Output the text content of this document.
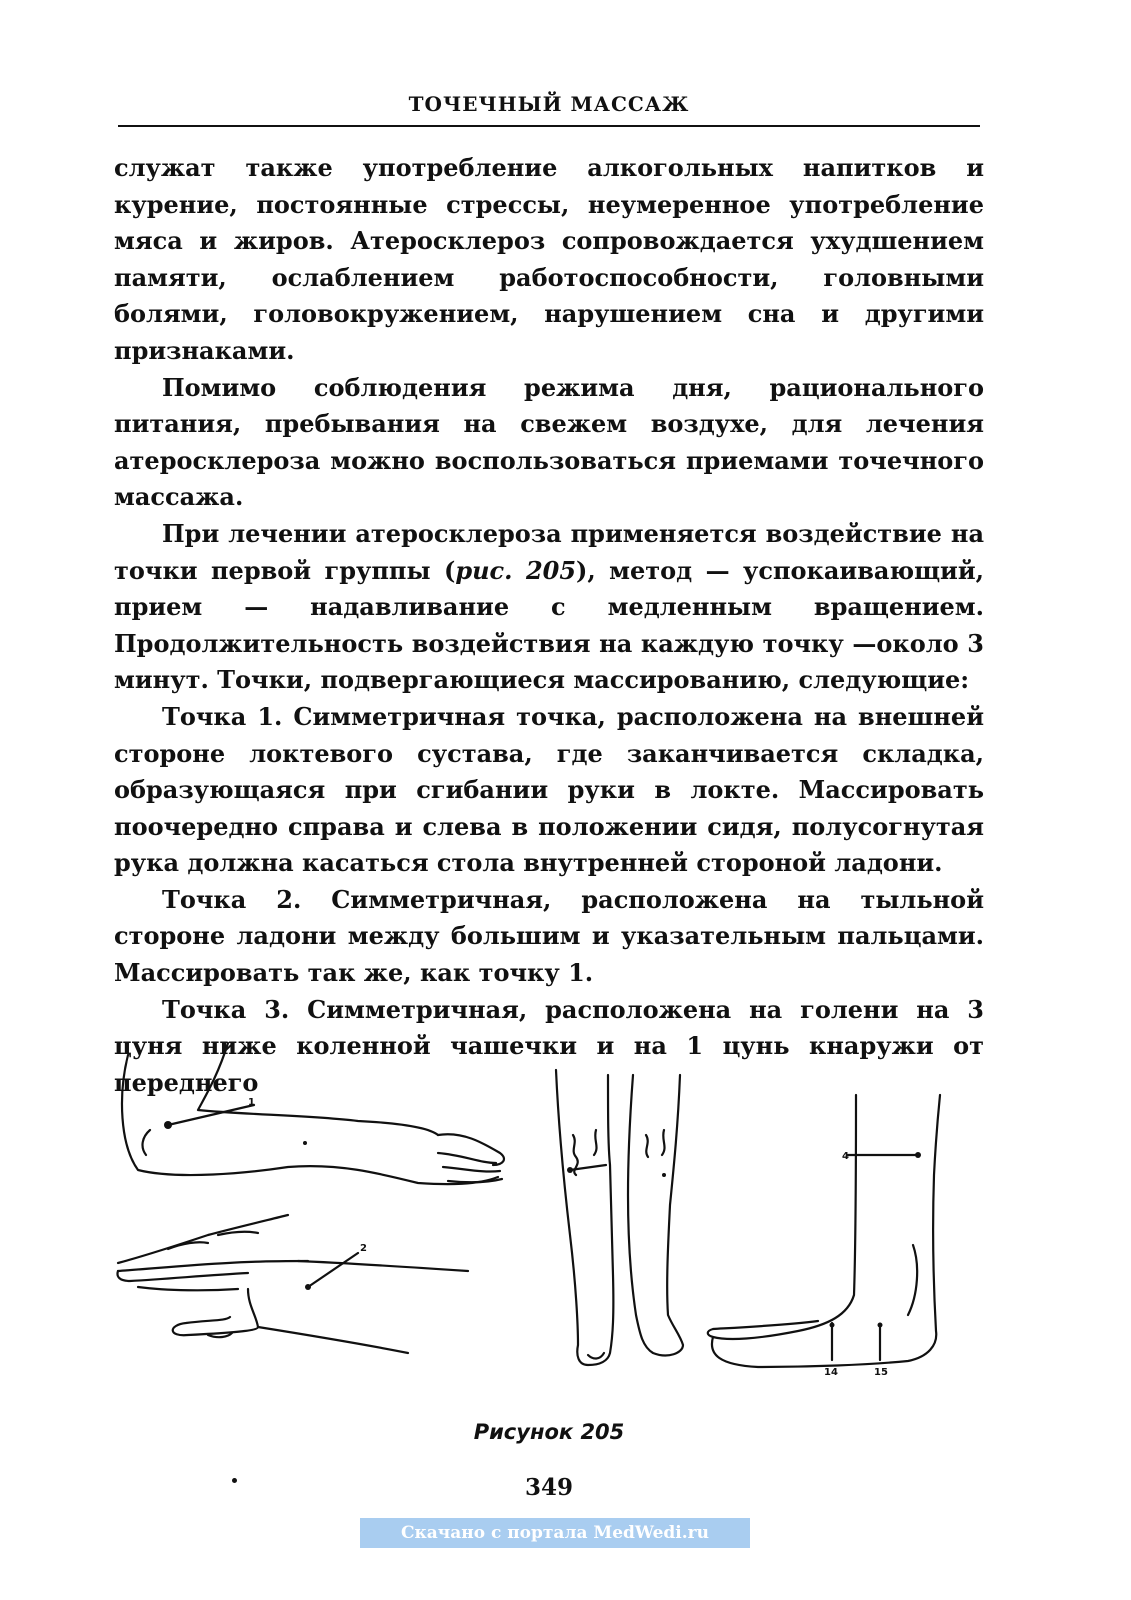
ТОЧЕЧНЫЙ МАССАЖ

служат также употребление алкогольных напитков и курение, постоянные стрессы, неумеренное употребление мяса и жиров. Атеросклероз сопровождается ухудшением памяти, ослаблением работоспособности, головными болями, головокружением, нарушением сна и другими признаками.

Помимо соблюдения режима дня, рационального питания, пребывания на свежем воздухе, для лечения атеросклероза можно воспользоваться приемами точечного массажа.

При лечении атеросклероза применяется воздействие на точки первой группы (рис. 205), метод — успокаивающий, прием — надавливание с медленным вращением. Продолжительность воздействия на каждую точку —около 3 минут. Точки, подвергающиеся массированию, следующие:

Точка 1. Симметричная точка, расположена на внешней стороне локтевого сустава, где заканчивается складка, образующаяся при сгибании руки в локте. Массировать поочередно справа и слева в положении сидя, полусогнутая рука должна касаться стола внутренней стороной ладони.

Точка 2. Симметричная, расположена на тыльной стороне ладони между большим и указательным пальцами. Массировать так же, как точку 1.

Точка 3. Симметричная, расположена на голени на 3 цуня ниже коленной чашечки и на 1 цунь кнаружи от переднего

1
2
4
14	15
Рисунок 205
349
Скачано с портала MedWedi.ru
